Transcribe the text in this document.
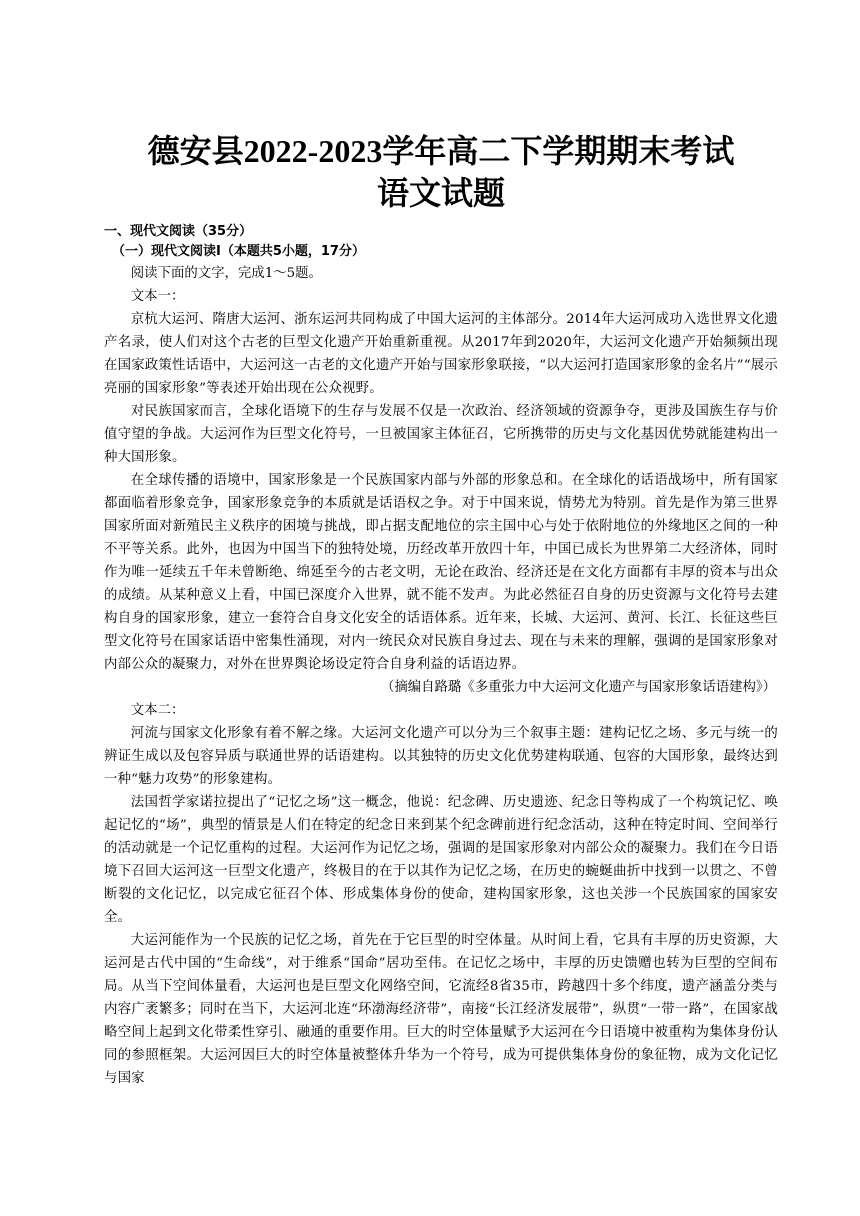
德安县2022-2023学年高二下学期期末考试
语文试题

一、现代文阅读（35分）

（一）现代文阅读Ⅰ（本题共5小题，17分）

阅读下面的文字，完成1～5题。

文本一：

京杭大运河、隋唐大运河、浙东运河共同构成了中国大运河的主体部分。2014年大运河成功入选世界文化遗产名录，使人们对这个古老的巨型文化遗产开始重新重视。从2017年到2020年，大运河文化遗产开始频频出现在国家政策性话语中，大运河这一古老的文化遗产开始与国家形象联接，“以大运河打造国家形象的金名片”“展示亮丽的国家形象”等表述开始出现在公众视野。

对民族国家而言，全球化语境下的生存与发展不仅是一次政治、经济领域的资源争夺，更涉及国族生存与价值守望的争战。大运河作为巨型文化符号，一旦被国家主体征召，它所携带的历史与文化基因优势就能建构出一种大国形象。

在全球传播的语境中，国家形象是一个民族国家内部与外部的形象总和。在全球化的话语战场中，所有国家都面临着形象竞争，国家形象竞争的本质就是话语权之争。对于中国来说，情势尤为特别。首先是作为第三世界国家所面对新殖民主义秩序的困境与挑战，即占据支配地位的宗主国中心与处于依附地位的外缘地区之间的一种不平等关系。此外，也因为中国当下的独特处境，历经改革开放四十年，中国已成长为世界第二大经济体，同时作为唯一延续五千年未曾断绝、绵延至今的古老文明，无论在政治、经济还是在文化方面都有丰厚的资本与出众的成绩。从某种意义上看，中国已深度介入世界，就不能不发声。为此必然征召自身的历史资源与文化符号去建构自身的国家形象，建立一套符合自身文化安全的话语体系。近年来，长城、大运河、黄河、长江、长征这些巨型文化符号在国家话语中密集性涌现，对内一统民众对民族自身过去、现在与未来的理解，强调的是国家形象对内部公众的凝聚力，对外在世界舆论场设定符合自身利益的话语边界。

（摘编自路璐《多重张力中大运河文化遗产与国家形象话语建构》）

文本二：

河流与国家文化形象有着不解之缘。大运河文化遗产可以分为三个叙事主题：建构记忆之场、多元与统一的辨证生成以及包容异质与联通世界的话语建构。以其独特的历史文化优势建构联通、包容的大国形象，最终达到一种“魅力攻势”的形象建构。

法国哲学家诺拉提出了“记忆之场”这一概念，他说：纪念碑、历史遗迹、纪念日等构成了一个构筑记忆、唤起记忆的“场”，典型的情景是人们在特定的纪念日来到某个纪念碑前进行纪念活动，这种在特定时间、空间举行的活动就是一个记忆重构的过程。大运河作为记忆之场，强调的是国家形象对内部公众的凝聚力。我们在今日语境下召回大运河这一巨型文化遗产，终极目的在于以其作为记忆之场，在历史的蜿蜒曲折中找到一以贯之、不曾断裂的文化记忆，以完成它征召个体、形成集体身份的使命，建构国家形象，这也关涉一个民族国家的国家安全。

大运河能作为一个民族的记忆之场，首先在于它巨型的时空体量。从时间上看，它具有丰厚的历史资源，大运河是古代中国的“生命线”，对于维系“国命”居功至伟。在记忆之场中，丰厚的历史馈赠也转为巨型的空间布局。从当下空间体量看，大运河也是巨型文化网络空间，它流经8省35市，跨越四十多个纬度，遗产涵盖分类与内容广袤繁多；同时在当下，大运河北连“环渤海经济带”，南接“长江经济发展带”，纵贯“一带一路”，在国家战略空间上起到文化带柔性穿引、融通的重要作用。巨大的时空体量赋予大运河在今日语境中被重构为集体身份认同的参照框架。大运河因巨大的时空体量被整体升华为一个符号，成为可提供集体身份的象征物，成为文化记忆与国家
